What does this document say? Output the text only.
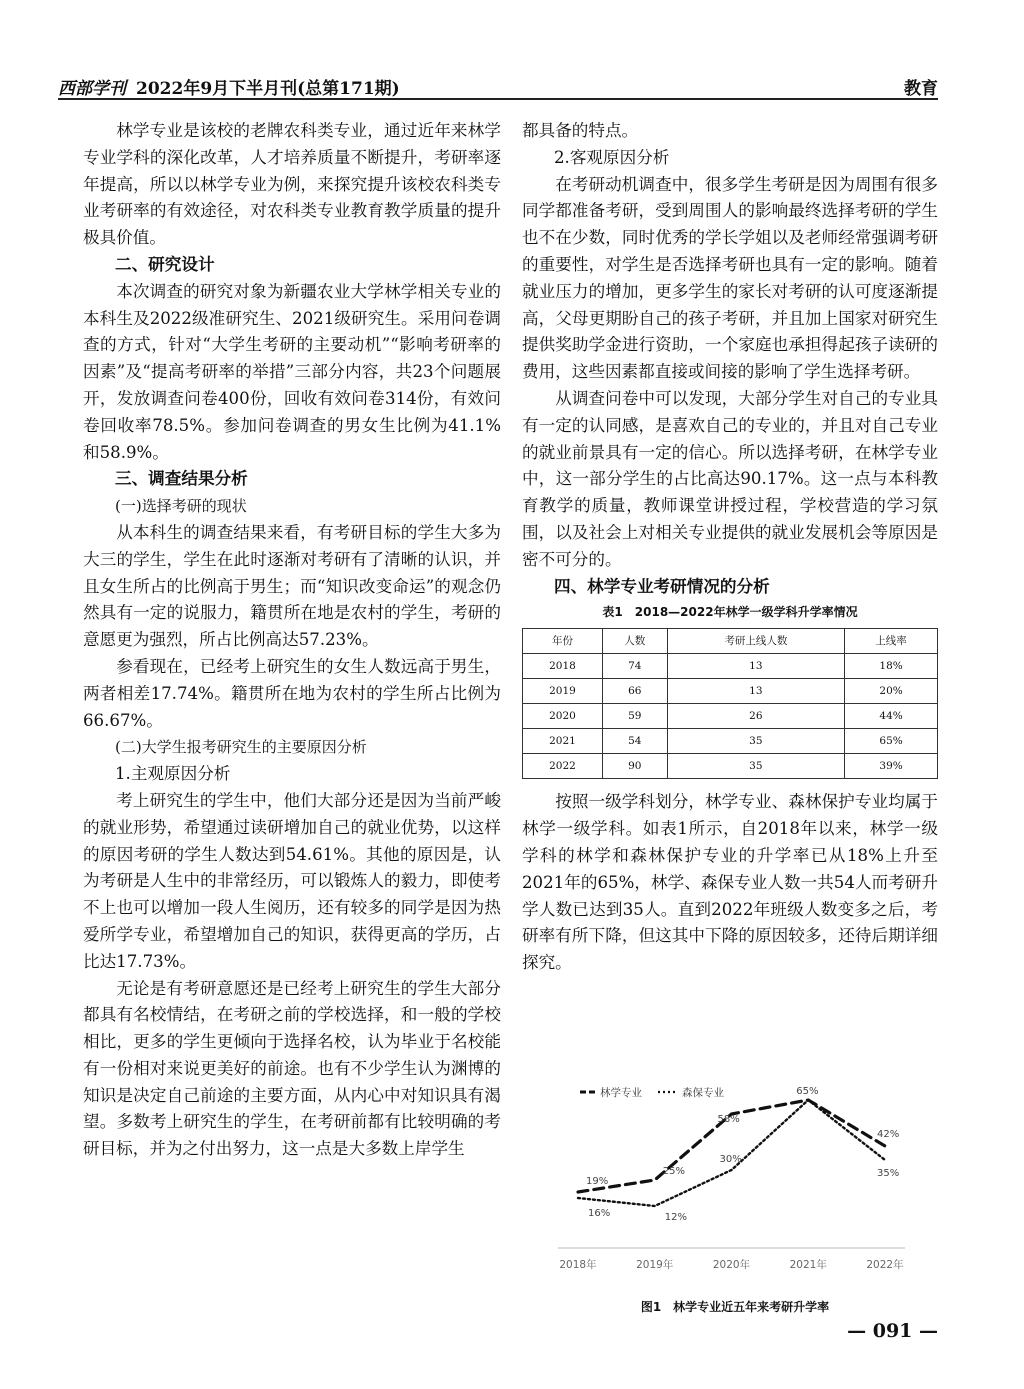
西部学刊 2022年9月下半月刊(总第171期)	教育

林学专业是该校的老牌农科类专业，通过近年来林学专业学科的深化改革，人才培养质量不断提升，考研率逐年提高，所以以林学专业为例，来探究提升该校农科类专业考研率的有效途径，对农科类专业教育教学质量的提升极具价值。

二、研究设计

本次调查的研究对象为新疆农业大学林学相关专业的本科生及2022级准研究生、2021级研究生。采用问卷调查的方式，针对“大学生考研的主要动机”“影响考研率的因素”及“提高考研率的举措”三部分内容，共23个问题展开，发放调查问卷400份，回收有效问卷314份，有效问卷回收率78.5%。参加问卷调查的男女生比例为41.1%和58.9%。

三、调查结果分析
(一)选择考研的现状

从本科生的调查结果来看，有考研目标的学生大多为大三的学生，学生在此时逐渐对考研有了清晰的认识，并且女生所占的比例高于男生；而“知识改变命运”的观念仍然具有一定的说服力，籍贯所在地是农村的学生，考研的意愿更为强烈，所占比例高达57.23%。

参看现在，已经考上研究生的女生人数远高于男生，两者相差17.74%。籍贯所在地为农村的学生所占比例为66.67%。

(二)大学生报考研究生的主要原因分析
1.主观原因分析

考上研究生的学生中，他们大部分还是因为当前严峻的就业形势，希望通过读研增加自己的就业优势，以这样的原因考研的学生人数达到54.61%。其他的原因是，认为考研是人生中的非常经历，可以锻炼人的毅力，即使考不上也可以增加一段人生阅历，还有较多的同学是因为热爱所学专业，希望增加自己的知识，获得更高的学历，占比达17.73%。

无论是有考研意愿还是已经考上研究生的学生大部分都具有名校情结，在考研之前的学校选择，和一般的学校相比，更多的学生更倾向于选择名校，认为毕业于名校能有一份相对来说更美好的前途。也有不少学生认为渊博的知识是决定自己前途的主要方面，从内心中对知识具有渴望。多数考上研究生的学生，在考研前都有比较明确的考研目标，并为之付出努力，这一点是大多数上岸学生

都具备的特点。

2.客观原因分析

在考研动机调查中，很多学生考研是因为周围有很多同学都准备考研，受到周围人的影响最终选择考研的学生也不在少数，同时优秀的学长学姐以及老师经常强调考研的重要性，对学生是否选择考研也具有一定的影响。随着就业压力的增加，更多学生的家长对考研的认可度逐渐提高，父母更期盼自己的孩子考研，并且加上国家对研究生提供奖助学金进行资助，一个家庭也承担得起孩子读研的费用，这些因素都直接或间接的影响了学生选择考研。

从调查问卷中可以发现，大部分学生对自己的专业具有一定的认同感，是喜欢自己的专业的，并且对自己专业的就业前景具有一定的信心。所以选择考研，在林学专业中，这一部分学生的占比高达90.17%。这一点与本科教育教学的质量，教师课堂讲授过程，学校营造的学习氛围，以及社会上对相关专业提供的就业发展机会等原因是密不可分的。

四、林学专业考研情况的分析
表1　2018—2022年林学一级学科升学率情况
年份	人数	考研上线人数	上线率
2018	74	13	18%
2019	66	13	20%
2020	59	26	44%
2021	54	35	65%
2022	90	35	39%

按照一级学科划分，林学专业、森林保护专业均属于林学一级学科。如表1所示，自2018年以来，林学一级学科的林学和森林保护专业的升学率已从18%上升至2021年的65%，林学、森保专业人数一共54人而考研升学人数已达到35人。直到2022年班级人数变多之后，考研率有所下降，但这其中下降的原因较多，还待后期详细探究。

2018年	2019年	2020年	2021年	2022年
19%
25%
58%
65%
42%
16%	12%
30%
35%
林学专业	森保专业
图1　林学专业近五年来考研升学率
— 091 —
